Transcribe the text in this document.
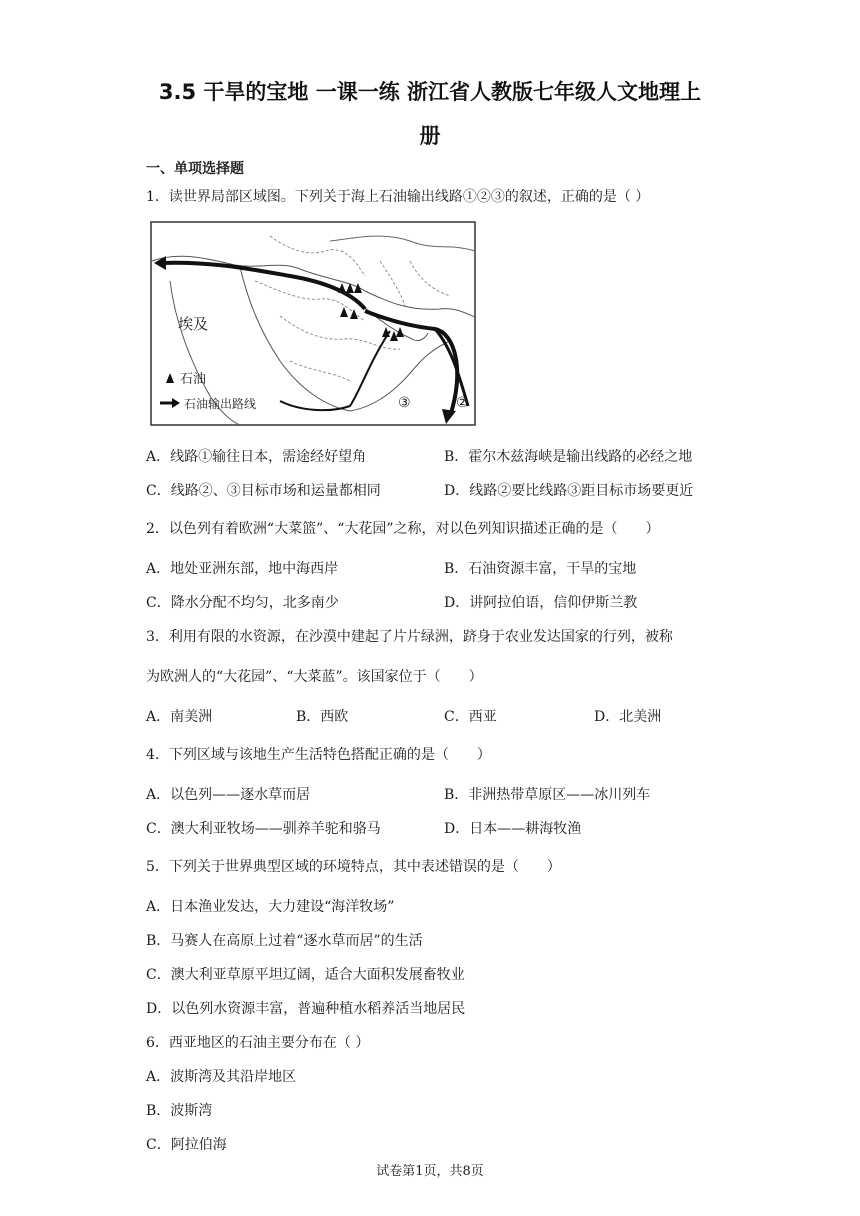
3.5 干旱的宝地 一课一练 浙江省人教版七年级人文地理上
册
一、单项选择题
1．读世界局部区域图。下列关于海上石油输出线路①②③的叙述，正确的是（ ）
埃及
石油
石油输出路线	③	②
A．线路①输往日本，需途经好望角	B．霍尔木兹海峡是输出线路的必经之地
C．线路②、③目标市场和运量都相同	D．线路②要比线路③距目标市场要更近
2．以色列有着欧洲“大菜篮”、“大花园”之称，对以色列知识描述正确的是（　　）
A．地处亚洲东部，地中海西岸	B．石油资源丰富，干旱的宝地
C．降水分配不均匀，北多南少	D．讲阿拉伯语，信仰伊斯兰教
3．利用有限的水资源，在沙漠中建起了片片绿洲，跻身于农业发达国家的行列，被称
为欧洲人的“大花园”、“大菜蓝”。该国家位于（　　）
A．南美洲	B．西欧	C．西亚	D．北美洲
4．下列区域与该地生产生活特色搭配正确的是（　　）
A．以色列——逐水草而居	B．非洲热带草原区——冰川列车
C．澳大利亚牧场——驯养羊驼和骆马	D．日本——耕海牧渔
5．下列关于世界典型区域的环境特点，其中表述错误的是（　　）
A．日本渔业发达，大力建设“海洋牧场”
B．马赛人在高原上过着“逐水草而居”的生活
C．澳大利亚草原平坦辽阔，适合大面积发展畜牧业
D．以色列水资源丰富，普遍种植水稻养活当地居民
6．西亚地区的石油主要分布在（ ）
A．波斯湾及其沿岸地区
B．波斯湾
C．阿拉伯海
试卷第1页，共8页
